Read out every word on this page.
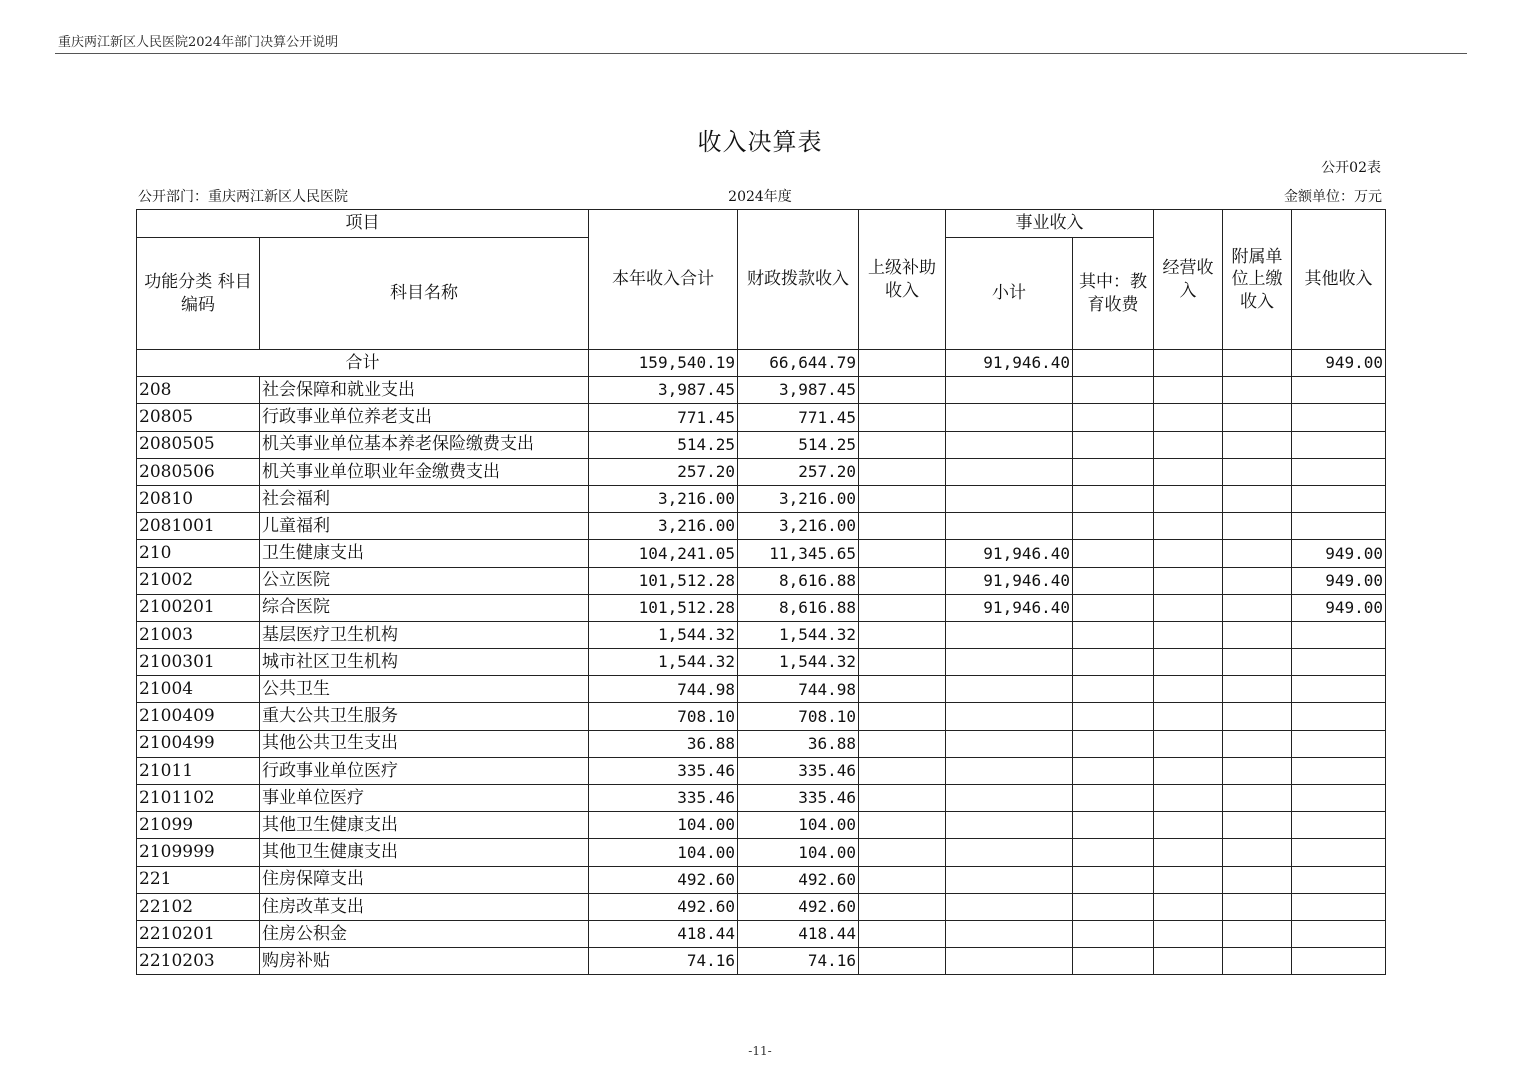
重庆两江新区人民医院2024年部门决算公开说明
收入决算表
公开02表
公开部门：重庆两江新区人民医院	2024年度	金额单位：万元
项目		本年收入合计	财政拨款收入	上级补助 收入	事业收入		经营收 入	附属单 位上缴 收入	其他收入
功能分类 科目编码	科目名称				小计	其中：教 育收费			
合计		159,540.19	66,644.79		91,946.40				949.00
208	社会保障和就业支出	3,987.45	3,987.45						
20805	行政事业单位养老支出	771.45	771.45						
2080505	机关事业单位基本养老保险缴费支出	514.25	514.25						
2080506	机关事业单位职业年金缴费支出	257.20	257.20						
20810	社会福利	3,216.00	3,216.00						
2081001	儿童福利	3,216.00	3,216.00						
210	卫生健康支出	104,241.05	11,345.65		91,946.40				949.00
21002	公立医院	101,512.28	8,616.88		91,946.40				949.00
2100201	综合医院	101,512.28	8,616.88		91,946.40				949.00
21003	基层医疗卫生机构	1,544.32	1,544.32						
2100301	城市社区卫生机构	1,544.32	1,544.32						
21004	公共卫生	744.98	744.98						
2100409	重大公共卫生服务	708.10	708.10						
2100499	其他公共卫生支出	36.88	36.88						
21011	行政事业单位医疗	335.46	335.46						
2101102	事业单位医疗	335.46	335.46						
21099	其他卫生健康支出	104.00	104.00						
2109999	其他卫生健康支出	104.00	104.00						
221	住房保障支出	492.60	492.60						
22102	住房改革支出	492.60	492.60						
2210201	住房公积金	418.44	418.44						
2210203	购房补贴	74.16	74.16						
-11-
